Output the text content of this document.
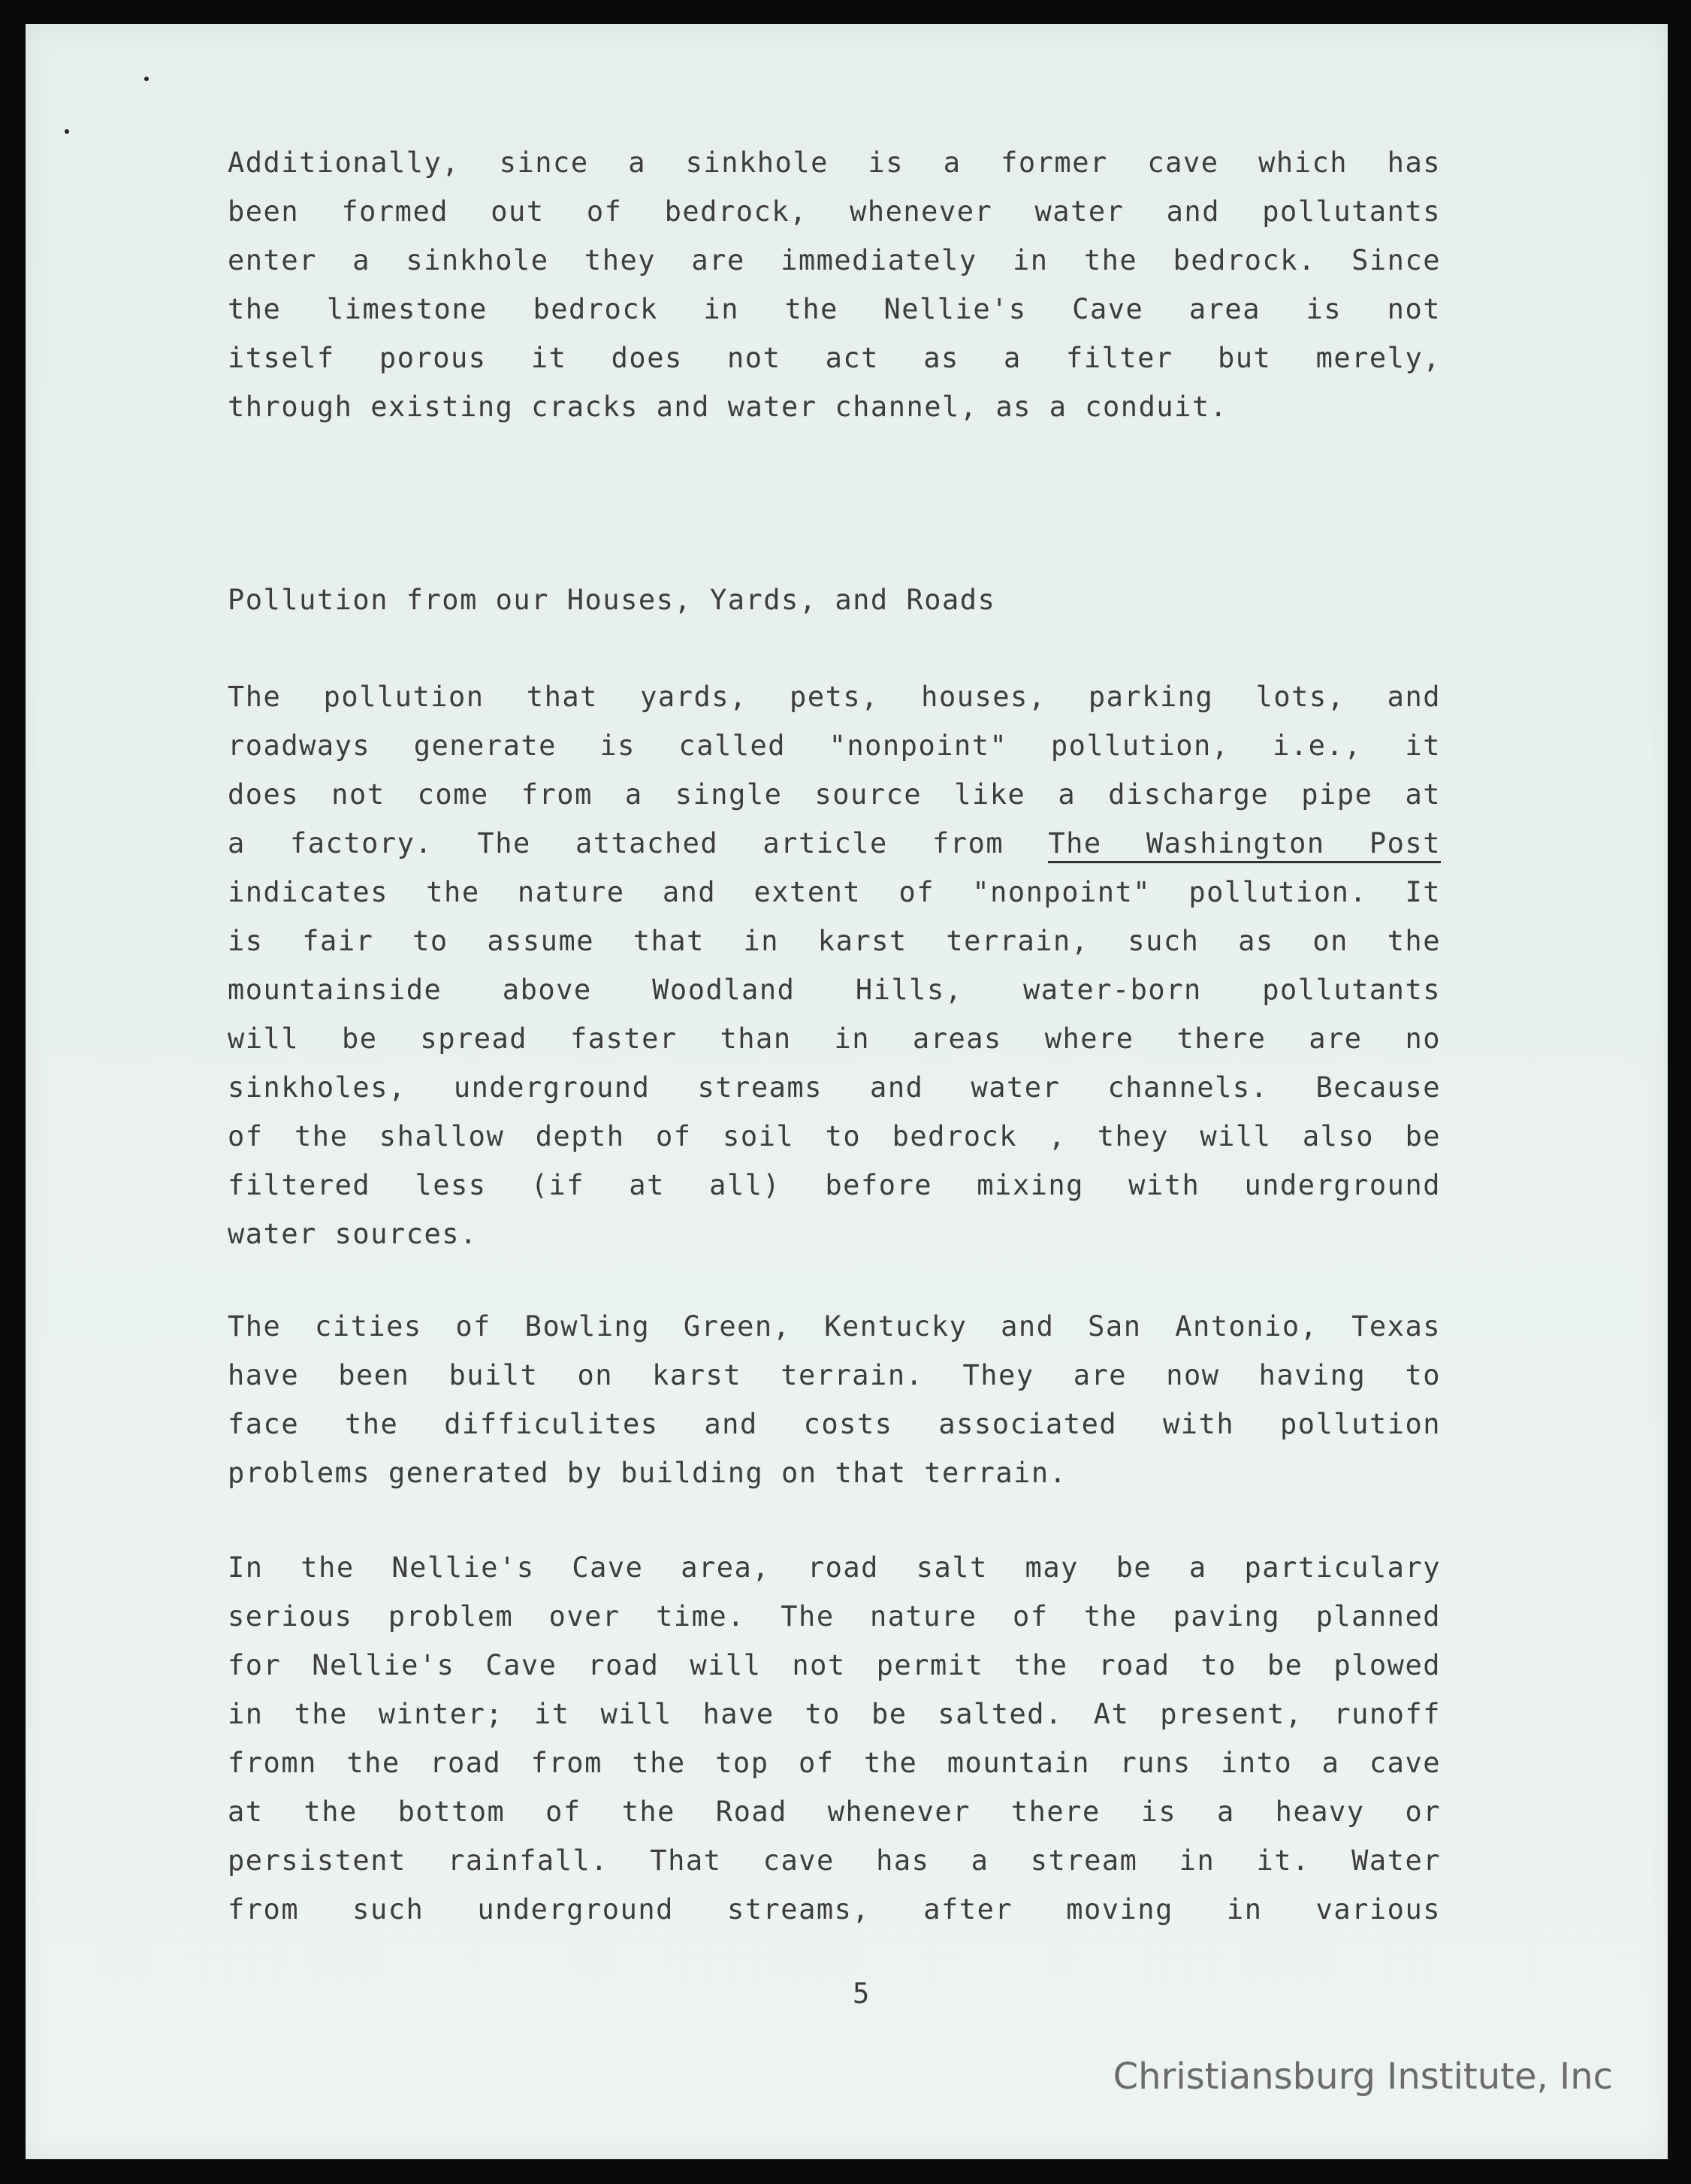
Additionally, since a sinkhole is a former cave which has
been formed out of bedrock, whenever water and pollutants
enter a sinkhole they are immediately in the bedrock. Since
the limestone bedrock in the Nellie's Cave area is not
itself porous it does not act as a filter but merely,
through existing cracks and water channel, as a conduit.
Pollution from our Houses, Yards, and Roads
The pollution that yards, pets, houses, parking lots, and
roadways generate is called "nonpoint" pollution, i.e., it
does not come from a single source like a discharge pipe at
a factory. The attached article from The Washington Post
indicates the nature and extent of "nonpoint" pollution. It
is fair to assume that in karst terrain, such as on the
mountainside above Woodland Hills, water-born pollutants
will be spread faster than in areas where there are no
sinkholes, underground streams and water channels. Because
of the shallow depth of soil to bedrock , they will also be
filtered less (if at all) before mixing with underground
water sources.
The cities of Bowling Green, Kentucky and San Antonio, Texas
have been built on karst terrain. They are now having to
face the difficulites and costs associated with pollution
problems generated by building on that terrain.
In the Nellie's Cave area, road salt may be a particulary
serious problem over time. The nature of the paving planned
for Nellie's Cave road will not permit the road to be plowed
in the winter; it will have to be salted. At present, runoff
fromn the road from the top of the mountain runs into a cave
at the bottom of the Road whenever there is a heavy or
persistent rainfall. That cave has a stream in it. Water
from such underground streams, after moving in various
5
Christiansburg Institute, Inc
